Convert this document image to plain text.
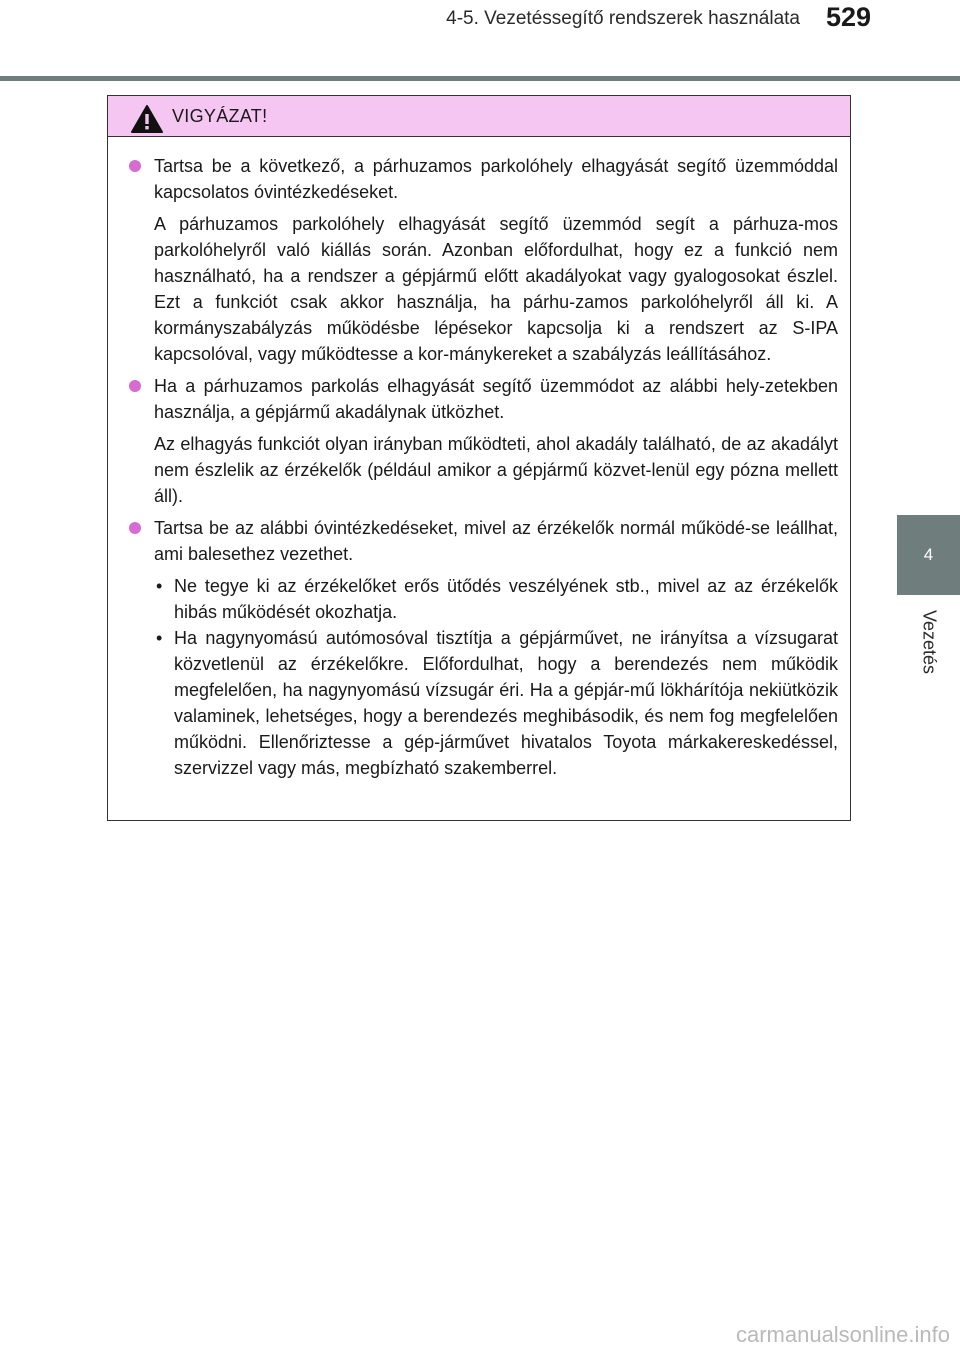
4-5. Vezetéssegítő rendszerek használata 529
4
Vezetés
VIGYÁZAT!

Tartsa be a következő, a párhuzamos parkolóhely elhagyását segítő üzemmóddal kapcsolatos óvintézkedéseket.

A párhuzamos parkolóhely elhagyását segítő üzemmód segít a párhuza-mos parkolóhelyről való kiállás során. Azonban előfordulhat, hogy ez a funkció nem használható, ha a rendszer a gépjármű előtt akadályokat vagy gyalogosokat észlel. Ezt a funkciót csak akkor használja, ha párhu-zamos parkolóhelyről áll ki. A kormányszabályzás működésbe lépésekor kapcsolja ki a rendszert az S-IPA kapcsolóval, vagy működtesse a kor-mánykereket a szabályzás leállításához.

Ha a párhuzamos parkolás elhagyását segítő üzemmódot az alábbi hely-zetekben használja, a gépjármű akadálynak ütközhet.

Az elhagyás funkciót olyan irányban működteti, ahol akadály található, de az akadályt nem észlelik az érzékelők (például amikor a gépjármű közvet-lenül egy pózna mellett áll).

Tartsa be az alábbi óvintézkedéseket, mivel az érzékelők normál működé-se leállhat, ami balesethez vezethet.

• Ne tegye ki az érzékelőket erős ütődés veszélyének stb., mivel az az érzékelők hibás működését okozhatja.

• Ha nagynyomású autómosóval tisztítja a gépjárművet, ne irányítsa a vízsugarat közvetlenül az érzékelőkre. Előfordulhat, hogy a berendezés nem működik megfelelően, ha nagynyomású vízsugár éri. Ha a gépjár-mű lökhárítója nekiütközik valaminek, lehetséges, hogy a berendezés meghibásodik, és nem fog megfelelően működni. Ellenőriztesse a gép-járművet hivatalos Toyota márkakereskedéssel, szervizzel vagy más, megbízható szakemberrel.

carmanualsonline.info
